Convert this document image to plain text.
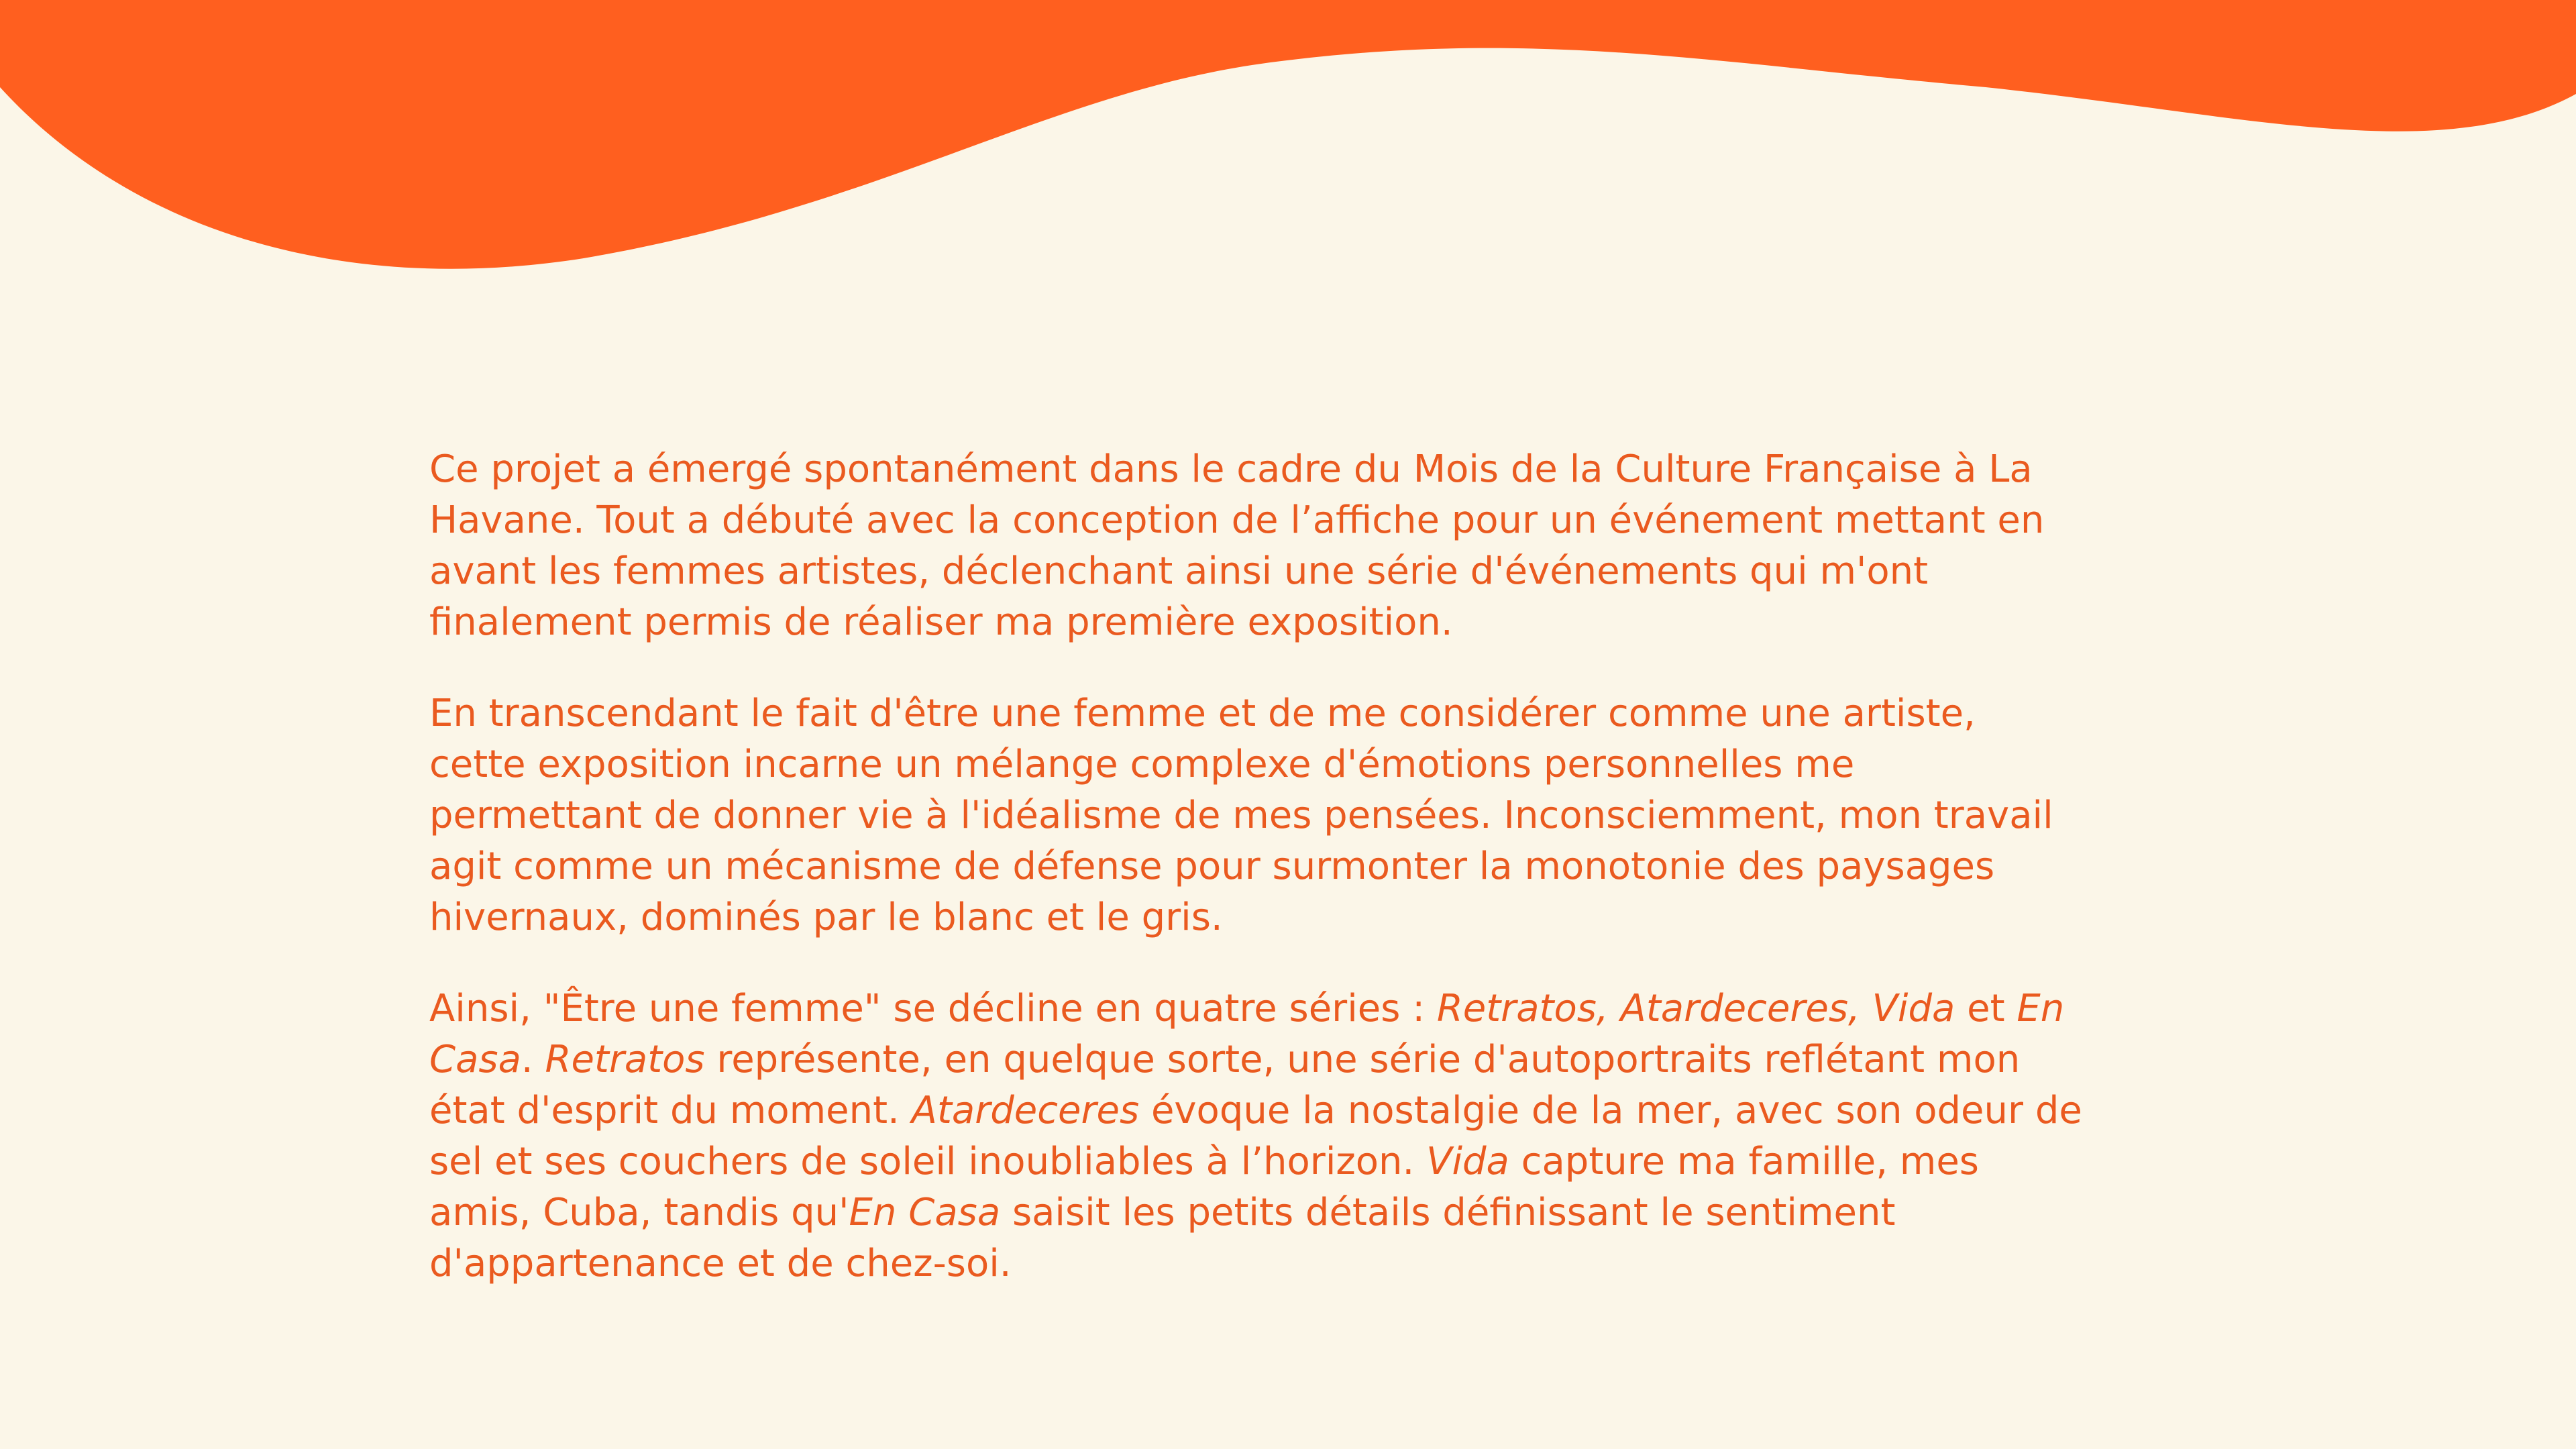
Ce projet a émergé spontanément dans le cadre du Mois de la Culture Française à La
Havane. Tout a débuté avec la conception de l’affiche pour un événement mettant en
avant les femmes artistes, déclenchant ainsi une série d'événements qui m'ont
finalement permis de réaliser ma première exposition.

En transcendant le fait d'être une femme et de me considérer comme une artiste,
cette exposition incarne un mélange complexe d'émotions personnelles me
permettant de donner vie à l'idéalisme de mes pensées. Inconsciemment, mon travail
agit comme un mécanisme de défense pour surmonter la monotonie des paysages
hivernaux, dominés par le blanc et le gris.

Ainsi, "Être une femme" se décline en quatre séries : Retratos, Atardeceres, Vida et En
Casa. Retratos représente, en quelque sorte, une série d'autoportraits reflétant mon
état d'esprit du moment. Atardeceres évoque la nostalgie de la mer, avec son odeur de
sel et ses couchers de soleil inoubliables à l’horizon. Vida capture ma famille, mes
amis, Cuba, tandis qu'En Casa saisit les petits détails définissant le sentiment
d'appartenance et de chez-soi.
